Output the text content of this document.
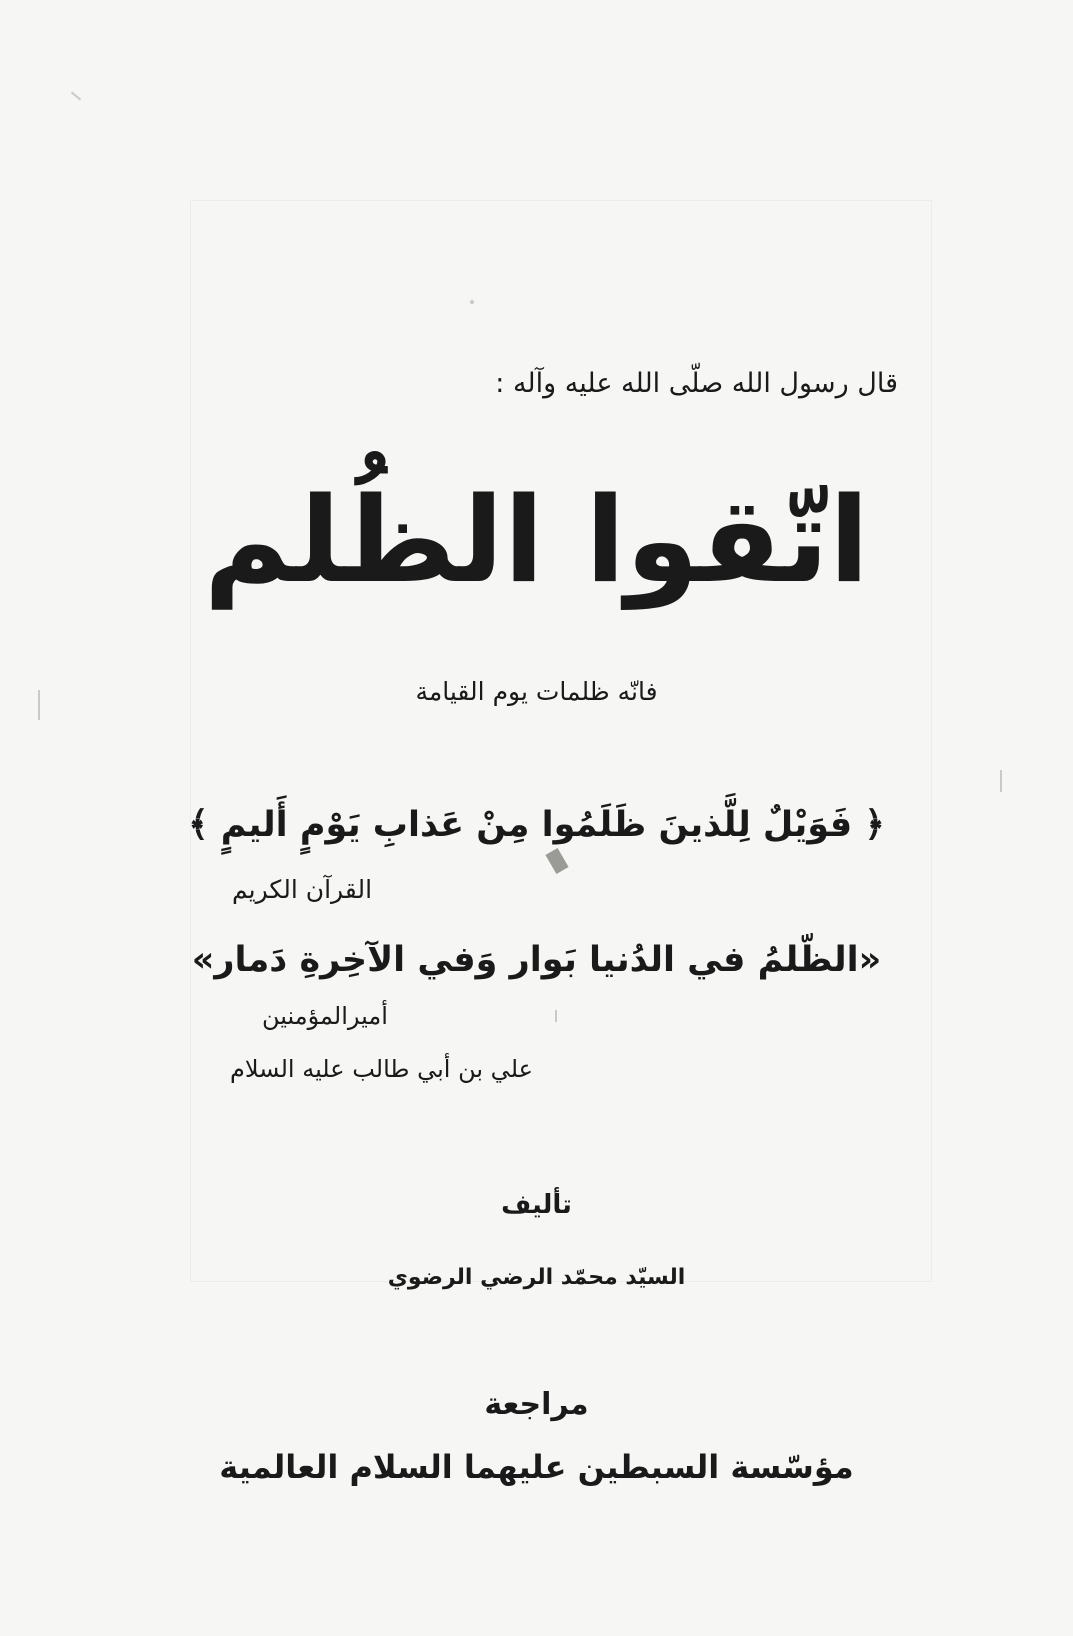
قال رسول الله صلّى الله عليه وآله :
اتّقوا الظُلم
فانّه ظلمات يوم القيامة
﴿ فَوَيْلٌ لِلَّذينَ ظَلَمُوا مِنْ عَذابِ يَوْمٍ أَليمٍ ﴾
القرآن الكريم
«الظّلمُ في الدُنيا بَوار وَفي الآخِرةِ دَمار»
أميرالمؤمنين
علي بن أبي طالب عليه السلام
تأليف
السيّد محمّد الرضي الرضوي
مراجعة
مؤسّسة السبطين عليهما السلام العالمية
